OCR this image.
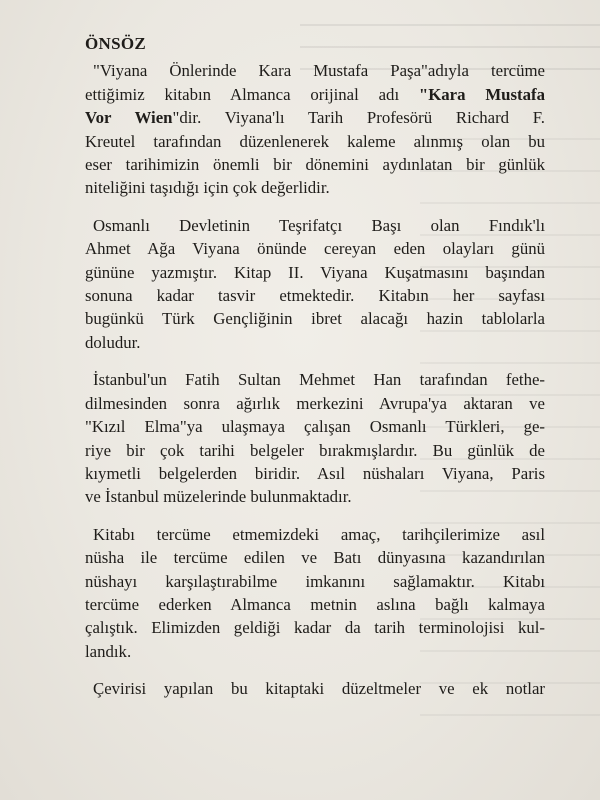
ÖNSÖZ
"Viyana Önlerinde Kara Mustafa Paşa"adıyla tercüme
ettiğimiz kitabın Almanca orijinal adı "Kara Mustafa
Vor Wien"dir. Viyana'lı Tarih Profesörü Richard F.
Kreutel tarafından düzenlenerek kaleme alınmış olan bu
eser tarihimizin önemli bir dönemini aydınlatan bir günlük
niteliğini taşıdığı için çok değerlidir.
Osmanlı Devletinin Teşrifatçı Başı olan Fındık'lı
Ahmet Ağa Viyana önünde cereyan eden olayları günü
gününe yazmıştır. Kitap II. Viyana Kuşatmasını başından
sonuna kadar tasvir etmektedir. Kitabın her sayfası
bugünkü Türk Gençliğinin ibret alacağı hazin tablolarla
doludur.
İstanbul'un Fatih Sultan Mehmet Han tarafından fethe-
dilmesinden sonra ağırlık merkezini Avrupa'ya aktaran ve
"Kızıl Elma"ya ulaşmaya çalışan Osmanlı Türkleri, ge-
riye bir çok tarihi belgeler bırakmışlardır. Bu günlük de
kıymetli belgelerden biridir. Asıl nüshaları Viyana, Paris
ve İstanbul müzelerinde bulunmaktadır.
Kitabı tercüme etmemizdeki amaç, tarihçilerimize asıl
nüsha ile tercüme edilen ve Batı dünyasına kazandırılan
nüshayı karşılaştırabilme imkanını sağlamaktır. Kitabı
tercüme ederken Almanca metnin aslına bağlı kalmaya
çalıştık. Elimizden geldiği kadar da tarih terminolojisi kul-
landık.
Çevirisi yapılan bu kitaptaki düzeltmeler ve ek notlar
